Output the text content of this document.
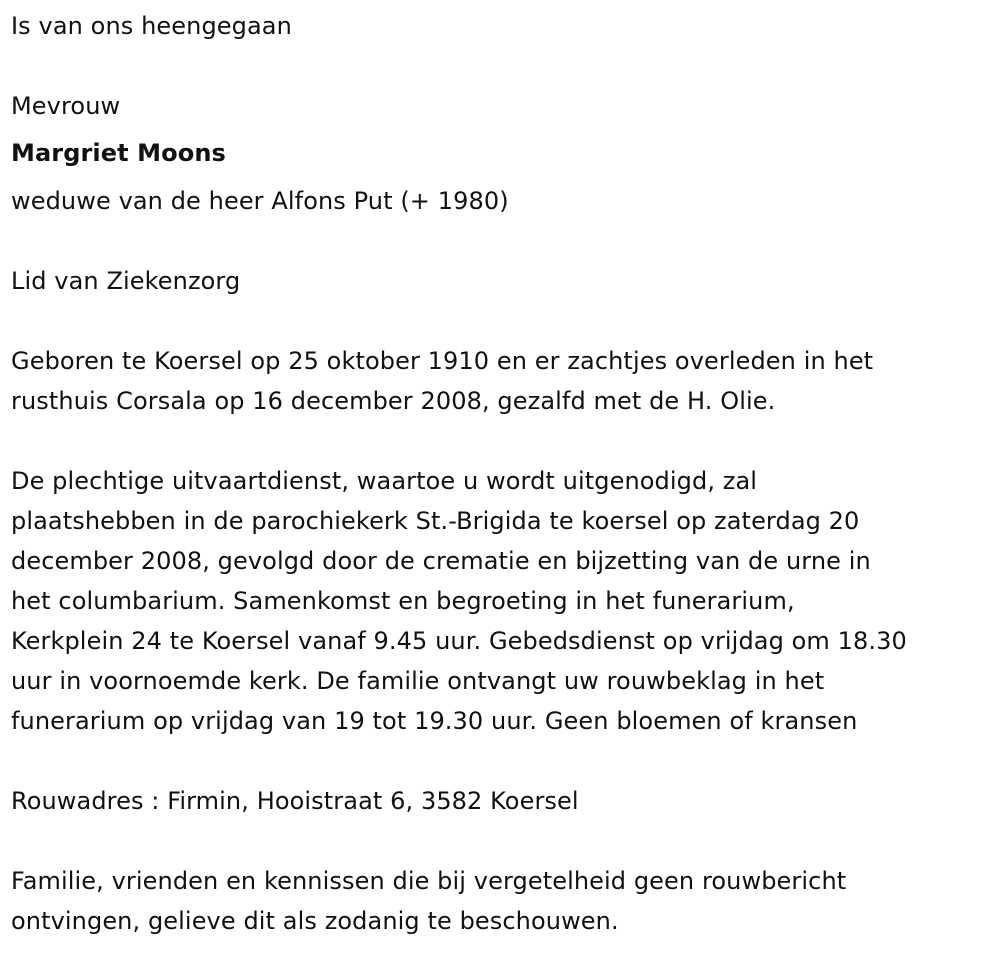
Is van ons heengegaan
Mevrouw
Margriet Moons
weduwe van de heer Alfons Put (+ 1980)
Lid van Ziekenzorg
Geboren te Koersel op 25 oktober 1910 en er zachtjes overleden in het
rusthuis Corsala op 16 december 2008, gezalfd met de H. Olie.
De plechtige uitvaartdienst, waartoe u wordt uitgenodigd, zal
plaatshebben in de parochiekerk St.-Brigida te koersel op zaterdag 20
december 2008, gevolgd door de crematie en bijzetting van de urne in
het columbarium. Samenkomst en begroeting in het funerarium,
Kerkplein 24 te Koersel vanaf 9.45 uur. Gebedsdienst op vrijdag om 18.30
uur in voornoemde kerk. De familie ontvangt uw rouwbeklag in het
funerarium op vrijdag van 19 tot 19.30 uur. Geen bloemen of kransen
Rouwadres : Firmin, Hooistraat 6, 3582 Koersel
Familie, vrienden en kennissen die bij vergetelheid geen rouwbericht
ontvingen, gelieve dit als zodanig te beschouwen.
